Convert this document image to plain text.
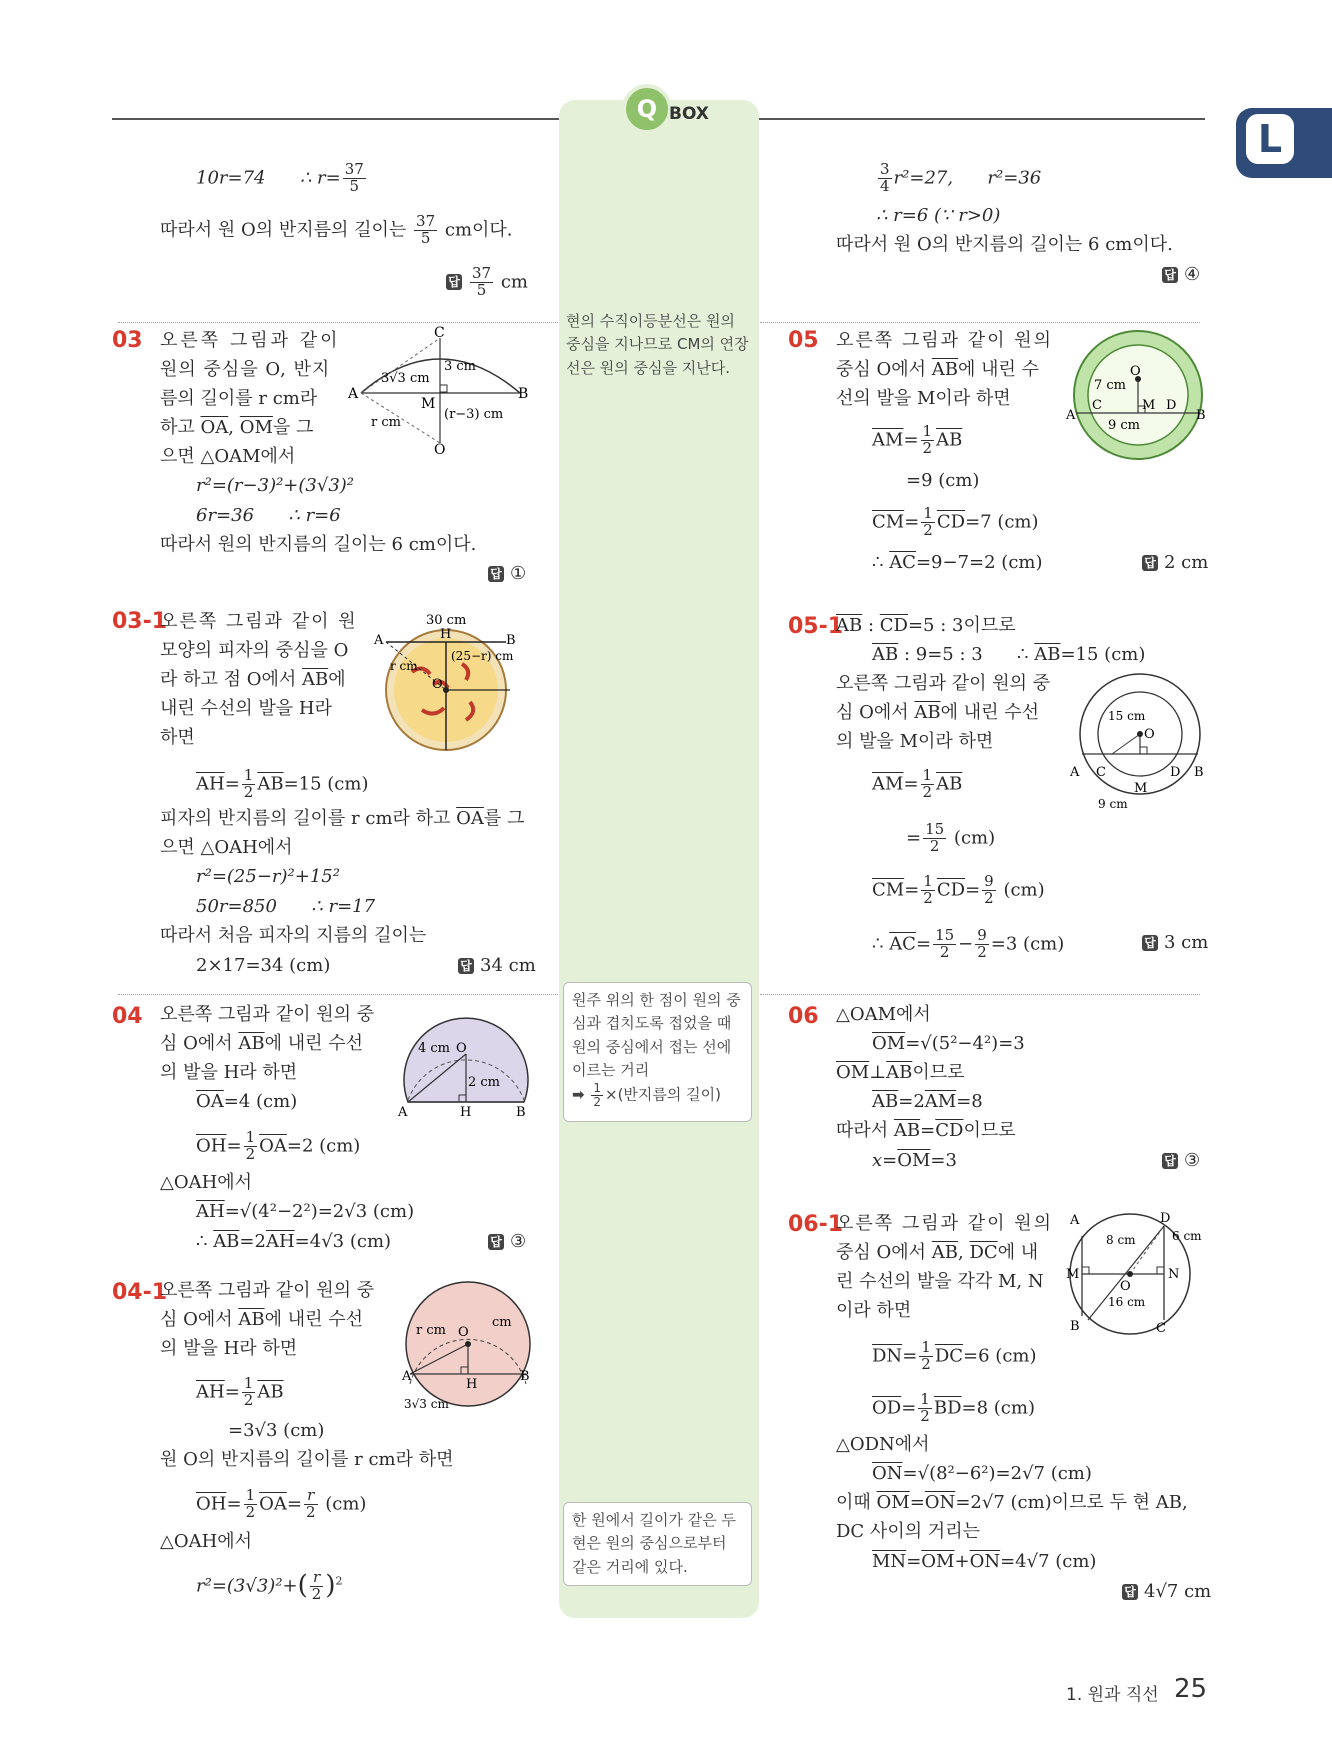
Q BOX
L
10r=74 ∴ $r= \frac{37}{5}$
따라서 원 O의 반지름의 길이는 $\frac{37}{5}$ cm이다.
답 $\frac{37}{5}$ cm
03 오른쪽 그림과 같이
원의 중심을 O, 반지
름의 길이를 r cm라
하고 $\overline{OA}$, $\overline{OM}$을 그
으면 △OAM에서
r²=(r−3)²+(3√3)²
6r=36 ∴ r=6
따라서 원의 반지름의 길이는 6 cm이다.
답 ①
C
A	B
M
O
3√3 cm
3 cm
(r−3) cm
r cm
03-1
오른쪽 그림과 같이 원
모양의 피자의 중심을 O
라 하고 점 O에서 $\overline{AB}$에
내린 수선의 발을 H라
하면
$\overline{AH}= \frac{1}{2} \overline{AB}=15$ (cm)
피자의 반지름의 길이를 r cm라 하고 $\overline{OA}$를 그
으면 △OAH에서
r²=(25−r)²+15²
50r=850 ∴ r=17
따라서 처음 피자의 지름의 길이는
2×17=34 (cm)	답 34 cm
30 cm
H
A	B
O
(25−r) cm
r cm
04 오른쪽 그림과 같이 원의 중
심 O에서 $\overline{AB}$에 내린 수선
의 발을 H라 하면
$\overline{OA}=4$ (cm)
$\overline{OH}= \frac{1}{2} \overline{OA}=2$ (cm)
△OAH에서
$\overline{AH}=√(4^2-2^2)=2√3$ (cm)
∴ $\overline{AB}=2\overline{AH}=4√3$ (cm)	답 ③
4 cm O
2 cm
A	H	B
04-1
오른쪽 그림과 같이 원의 중
심 O에서 $\overline{AB}$에 내린 수선
의 발을 H라 하면
$\overline{AH}= \frac{1}{2} \overline{AB}$
=3√3 (cm)
원 O의 반지름의 길이를 r cm라 하면
$\overline{OH}= \frac{1}{2} \overline{OA}= \frac{r}{2} (cm)$
△OAH에서
$r^2=(3√3)^2+( \frac{r}{2} )^2$
r cm O
cm
A
H
B
3√3 cm
현의 수직이등분선은 원의 중심을 지나므로 CM의 연장선은 원의 중심을 지난다.
원주 위의 한 점이 원의 중심과 겹치도록 접었을 때 원의 중심에서 접는 선에 이르는 거리
➡ $\frac{1}{2}$ ×(반지름의 길이)
한 원에서 길이가 같은 두 현은 원의 중심으로부터 같은 거리에 있다.
$\frac{3}{4} r^2=27$, r²=36
∴ r=6 (∵ r>0)
따라서 원 O의 반지름의 길이는 6 cm이다.
답 ④
05 오른쪽 그림과 같이 원의
중심 O에서 $\overline{AB}$에 내린 수
선의 발을 M이라 하면
$\overline{AM}= \frac{1}{2} \overline{AB}$
=9 (cm)
$\overline{CM}= \frac{1}{2} \overline{CD}=7$ (cm)
∴ $\overline{AC}=9-7=2$ (cm)	답 2 cm
7 cm
O
C	M D
A	B
9 cm
05-1
$\overline{AB}$ : $\overline{CD}=5$ : 3이므로
$\overline{AB}$ : 9=5 : 3 ∴ $\overline{AB}=15$ (cm)
오른쪽 그림과 같이 원의 중
심 O에서 $\overline{AB}$에 내린 수선
의 발을 M이라 하면
$\overline{AM}= \frac{1}{2} \overline{AB}$
= $\frac{15}{2} (cm)$
$\overline{CM}= \frac{1}{2} \overline{CD}= \frac{9}{2} (cm)$
∴ $\overline{AC}= \frac{15}{2} - \frac{9}{2} =3$ (cm)	답 3 cm
15 cm
O
A C	D B
M
9 cm
06 △OAM에서
$\overline{OM}=√(5^2-4^2)=3$
$\overline{OM}\perp\overline{AB}$이므로
$\overline{AB}=2\overline{AM}=8$
따라서 $\overline{AB}=\overline{CD}$이므로
$x=\overline{OM}=3$	답 ③
06-1
오른쪽 그림과 같이 원의
중심 O에서 $\overline{AB}$, $\overline{DC}$에 내
린 수선의 발을 각각 M, N
이라 하면
$\overline{DN}= \frac{1}{2} \overline{DC}=6$ (cm)
$\overline{OD}= \frac{1}{2} \overline{BD}=8$ (cm)
△ODN에서
$\overline{ON}=√(8^2-6^2)=2√7$ (cm)
이때 $\overline{OM}=\overline{ON}=2√7$ (cm)이므로 두 현 AB,
DC 사이의 거리는
$\overline{MN}=\overline{OM}+\overline{ON}=4√7$ (cm)
답 4√7 cm
A	D
8 cm	6 cm
M
O
N
16 cm
B	C
1. 원과 직선 25
